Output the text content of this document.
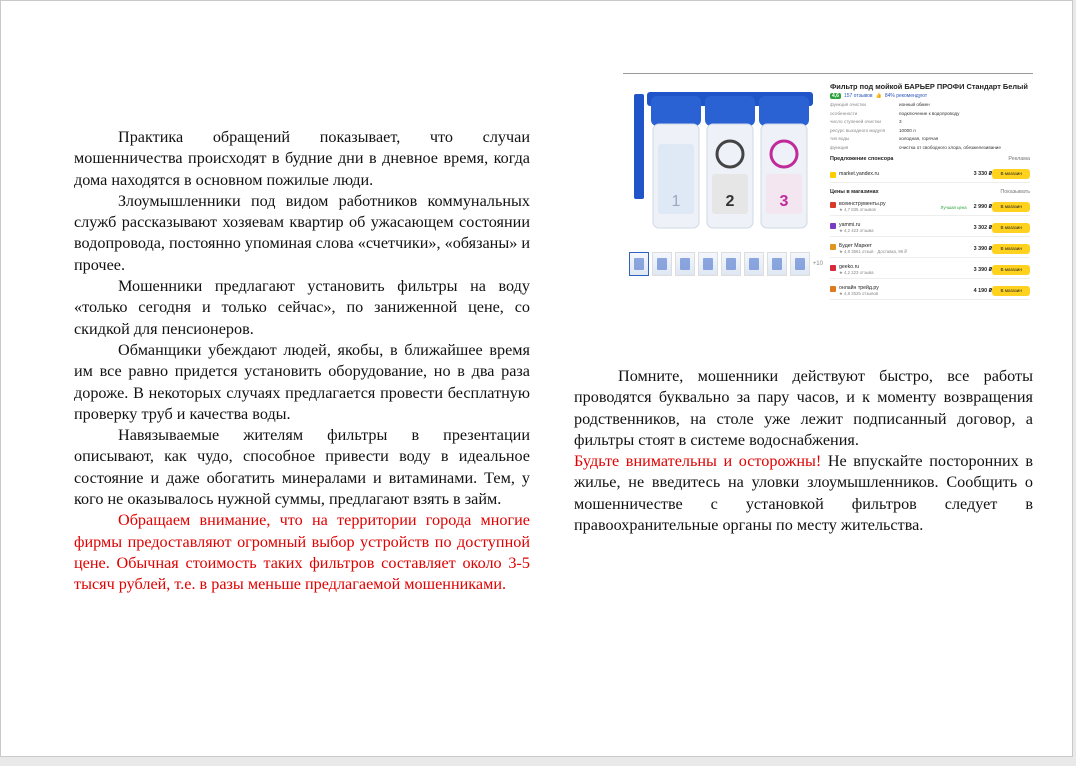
Практика обращений показывает, что случаи мошенничества происходят в будние дни в дневное время, когда дома находятся в основном пожилые люди.

Злоумышленники под видом работников коммунальных служб рассказывают хозяевам квартир об ужасающем состоянии водопровода, постоянно упоминая слова «счетчики», «обязаны» и прочее.

Мошенники предлагают установить фильтры на воду «только сегодня и только сейчас», по заниженной цене, со скидкой для пенсионеров.

Обманщики убеждают людей, якобы, в ближайшее время им все равно придется установить оборудование, но в два раза дороже. В некоторых случаях предлагается провести бесплатную проверку труб и качества воды.

Навязываемые жителям фильтры в презентации описывают, как чудо, способное привести воду в идеальное состояние и даже обогатить минералами и витаминами. Тем, у кого не оказывалось нужной суммы, предлагают взять в займ.

Обращаем внимание, что на территории города многие фирмы предоставляют огромный выбор устройств по доступной цене. Обычная стоимость таких фильтров составляет около 3-5 тысяч рублей, т.е. в разы меньше предлагаемой мошенниками.

1	2	3
+10
Фильтр под мойкой БАРЬЕР ПРОФИ Стандарт Белый
4,6	157 отзывов 👍 84% рекомендуют
функция очистки	ионный обмен
особенности	подключение к водопроводу
число ступеней очистки	3
ресурс выходного модуля	10000 л
тип воды	холодная, горячая
функция	очистка от свободного хлора, обезжелезивание
Предложение спонсора	Реклама
market.yandex.ru	3 330 ₽	В магазин
Цены в магазинах	Показывать
всеинструменты.ру
★ 4,7 835 отзывов	Лучшая цена	2 990 ₽	В магазин
yammi.ru
★ 4,2 423 отзыва	3 302 ₽	В магазин
Будет Маркет
★ 4,8 3561 отзыв · Доставка, 99 ₽	3 390 ₽	В магазин
geeko.ru
★ 4,2 223 отзыва	3 390 ₽	В магазин
онлайн трейд.ру
★ 4,8 2525 отзывов	4 190 ₽	В магазин

Помните, мошенники действуют быстро, все работы проводятся буквально за пару часов, и к моменту возвращения родственников, на столе уже лежит подписанный договор, а фильтры стоят в системе водоснабжения.

Будьте внимательны и осторожны! Не впускайте посторонних в жилье, не введитесь на уловки злоумышленников. Сообщить о мошенничестве с установкой фильтров следует в правоохранительные органы по месту жительства.
